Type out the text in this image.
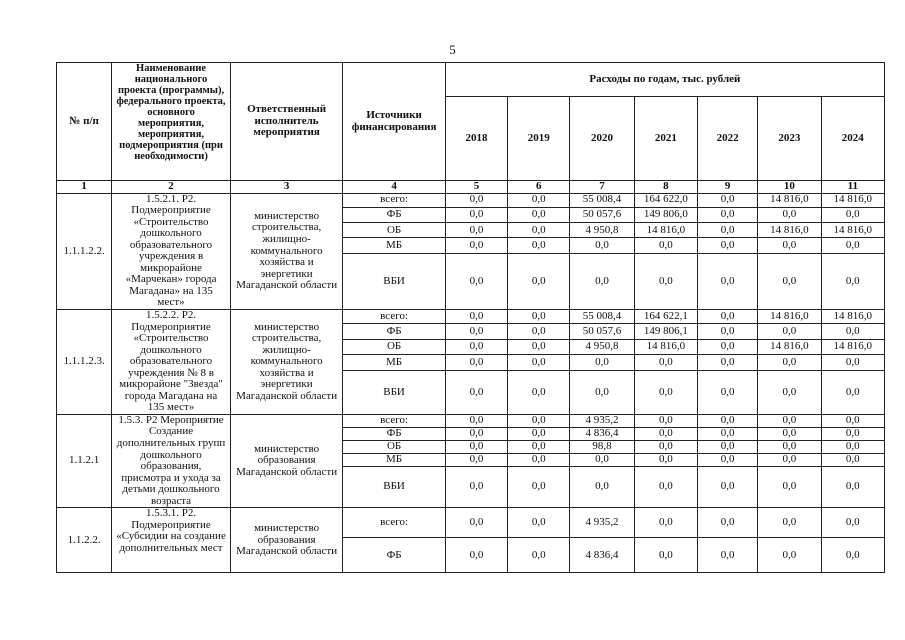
5
№ п/п	Наименование национального проекта (программы), федерального проекта, основного мероприятия, мероприятия, подмероприятия (при необходимости)	Ответственный исполнитель мероприятия	Источники финансирования	Расходы по годам, тыс. рублей						
				2018	2019	2020	2021	2022	2023	2024
1	2	3	4	5	6	7	8	9	10	11
1.1.1.2.2.	1.5.2.1. Р2. Подмероприятие «Строительство дошкольного образовательного учреждения в микрорайоне «Марчекан» города Магадана» на 135 мест»	министерство строительства, жилищно-коммунального хозяйства и энергетики Магаданской области	всего:	0,0	0,0	55 008,4	164 622,0	0,0	14 816,0	14 816,0
			ФБ	0,0	0,0	50 057,6	149 806,0	0,0	0,0	0,0
			ОБ	0,0	0,0	4 950,8	14 816,0	0,0	14 816,0	14 816,0
			МБ	0,0	0,0	0,0	0,0	0,0	0,0	0,0
			ВБИ	0,0	0,0	0,0	0,0	0,0	0,0	0,0
1.1.1.2.3.	1.5.2.2. Р2. Подмероприятие «Строительство дошкольного образовательного учреждения № 8 в микрорайоне "Звезда" города Магадана на 135 мест»	министерство строительства, жилищно-коммунального хозяйства и энергетики Магаданской области	всего:	0,0	0,0	55 008,4	164 622,1	0,0	14 816,0	14 816,0
			ФБ	0,0	0,0	50 057,6	149 806,1	0,0	0,0	0,0
			ОБ	0,0	0,0	4 950,8	14 816,0	0,0	14 816,0	14 816,0
			МБ	0,0	0,0	0,0	0,0	0,0	0,0	0,0
			ВБИ	0,0	0,0	0,0	0,0	0,0	0,0	0,0
1.1.2.1	1.5.3. Р2 Мероприятие Создание дополнительных групп дошкольного образования, присмотра и ухода за детьми дошкольного возраста	министерство образования Магаданской области	всего:	0,0	0,0	4 935,2	0,0	0,0	0,0	0,0
			ФБ	0,0	0,0	4 836,4	0,0	0,0	0,0	0,0
			ОБ	0,0	0,0	98,8	0,0	0,0	0,0	0,0
			МБ	0,0	0,0	0,0	0,0	0,0	0,0	0,0
			ВБИ	0,0	0,0	0,0	0,0	0,0	0,0	0,0
1.1.2.2.	1.5.3.1. Р2. Подмероприятие «Субсидии на создание дополнительных мест	министерство образования Магаданской области	всего:	0,0	0,0	4 935,2	0,0	0,0	0,0	0,0
			ФБ	0,0	0,0	4 836,4	0,0	0,0	0,0	0,0
